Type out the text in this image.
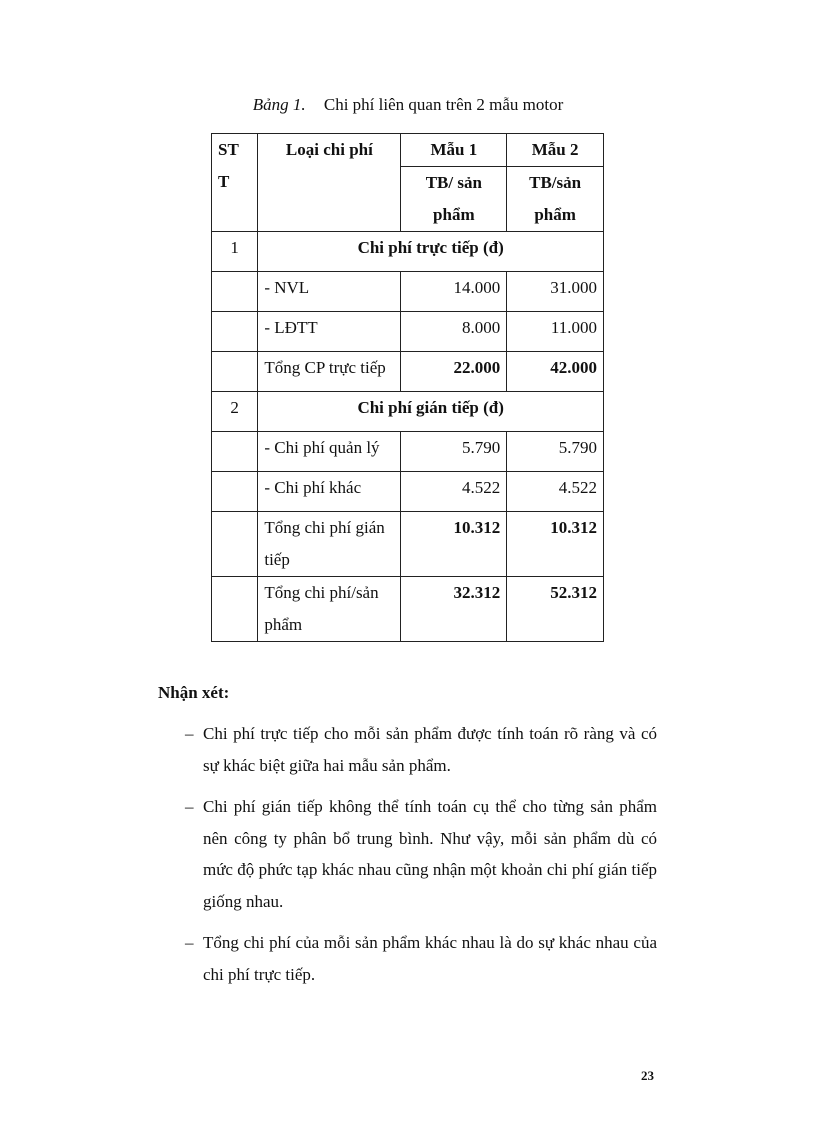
Bảng 1. Chi phí liên quan trên 2 mẫu motor
ST T	Loại chi phí	Mẫu 1	Mẫu 2
		TB/ sản phẩm	TB/sản phẩm
1	Chi phí trực tiếp (đ)		
	- NVL	14.000	31.000
	- LĐTT	8.000	11.000
	Tổng CP trực tiếp	22.000	42.000
2	Chi phí gián tiếp (đ)		
	- Chi phí quản lý	5.790	5.790
	- Chi phí khác	4.522	4.522
	Tổng chi phí gián tiếp	10.312	10.312
	Tổng chi phí/sản phẩm	32.312	52.312
Nhận xét:
– Chi phí trực tiếp cho mỗi sản phẩm được tính toán rõ ràng và có sự khác biệt giữa hai mẫu sản phẩm.
– Chi phí gián tiếp không thể tính toán cụ thể cho từng sản phẩm nên công ty phân bổ trung bình. Như vậy, mỗi sản phẩm dù có mức độ phức tạp khác nhau cũng nhận một khoản chi phí gián tiếp giống nhau.
– Tổng chi phí của mỗi sản phẩm khác nhau là do sự khác nhau của chi phí trực tiếp.
23
